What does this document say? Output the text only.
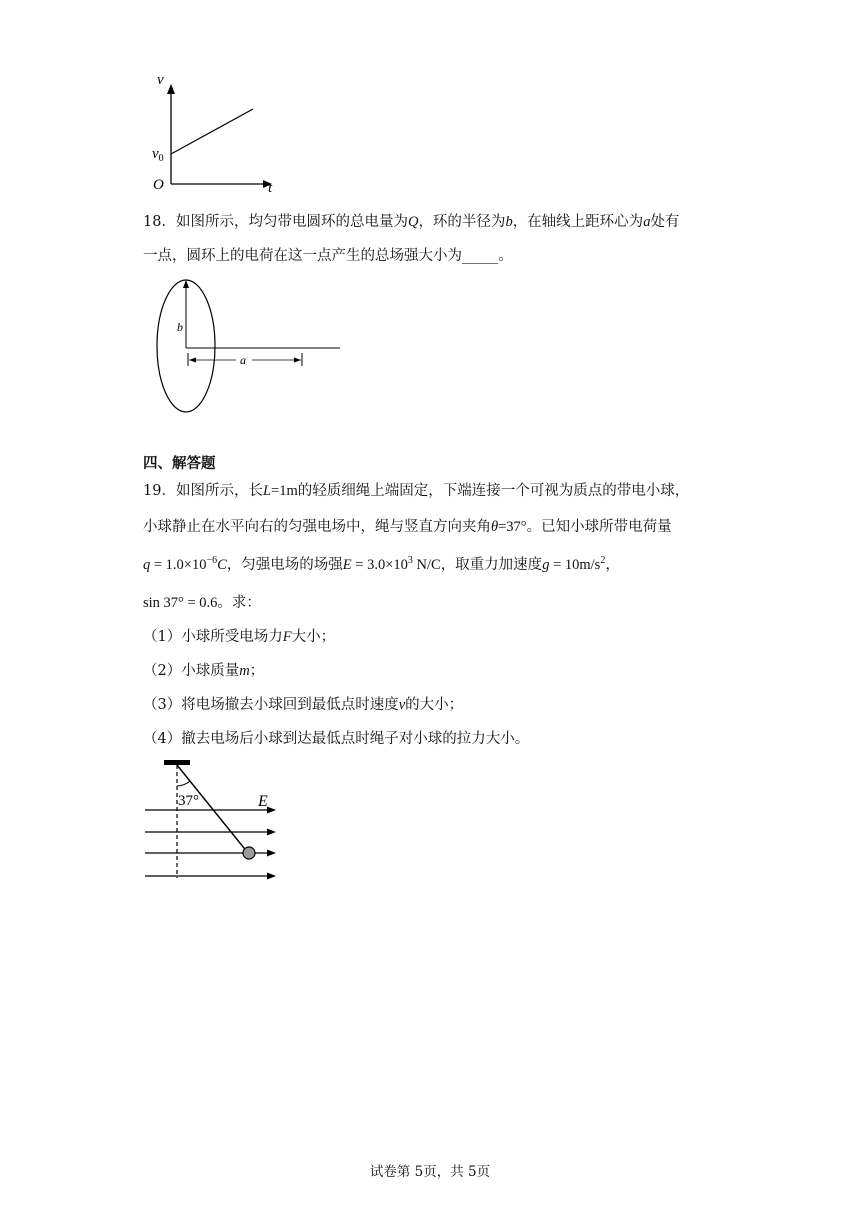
v
t
O
$v_0$
18．如图所示，均匀带电圆环的总电量为Q，环的半径为b，在轴线上距环心为a处有
一点，圆环上的电荷在这一点产生的总场强大小为_____。
b
a
四、解答题
19．如图所示，长L=1m的轻质细绳上端固定，下端连接一个可视为质点的带电小球，
小球静止在水平向右的匀强电场中，绳与竖直方向夹角θ=37°。已知小球所带电荷量
$q = 1.0\times 10^{-6}C$，匀强电场的场强$E = 3.0\times 10^3$ N/C，取重力加速度$g = 10m/s^2$，
sin 37° = 0.6。求：
（1）小球所受电场力F大小；
（2）小球质量m；
（3）将电场撤去小球回到最低点时速度v的大小；
（4）撤去电场后小球到达最低点时绳子对小球的拉力大小。
37°	E
试卷第 5页，共 5页
